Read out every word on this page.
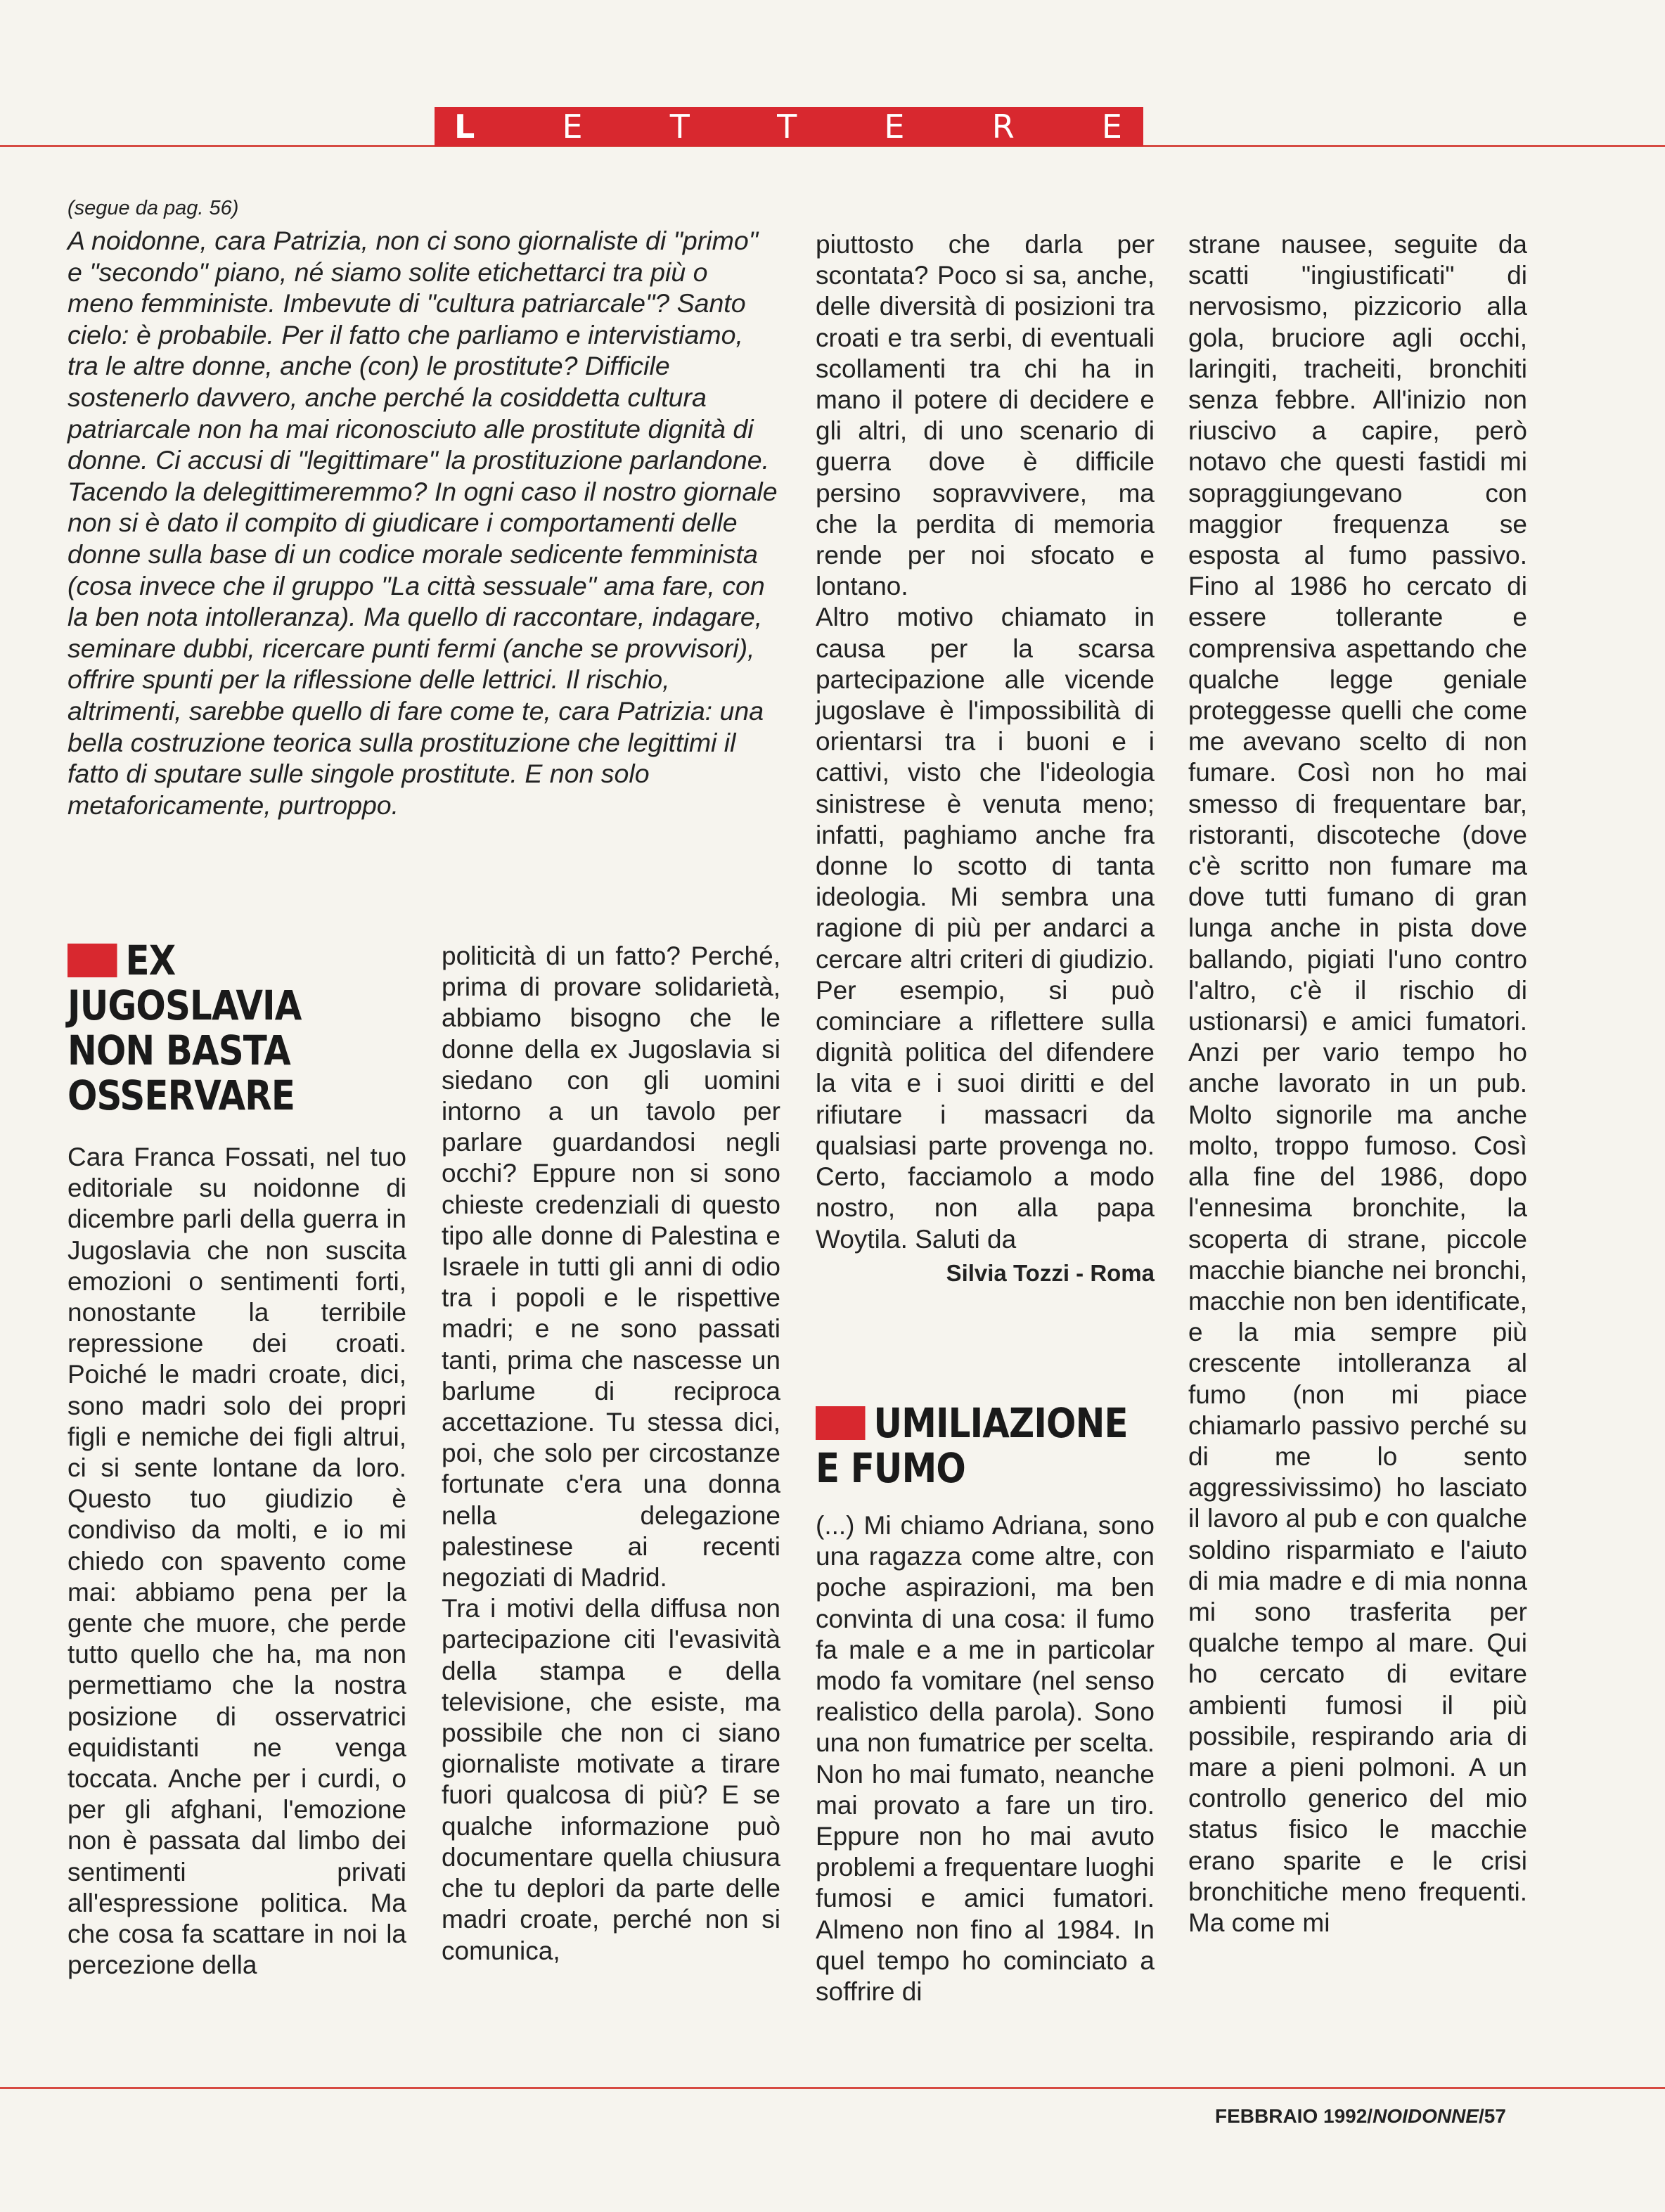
L	E	T	T	E	R	E

(segue da pag. 56)

A noidonne, cara Patrizia, non ci sono giornaliste di "primo" e "secondo" piano, né siamo solite etichettarci tra più o meno femministe. Imbevute di "cultura patriarcale"? Santo cielo: è probabile. Per il fatto che parliamo e intervistiamo, tra le altre donne, anche (con) le prostitute? Difficile sostenerlo davvero, anche perché la cosiddetta cultura patriarcale non ha mai riconosciuto alle prostitute dignità di donne. Ci accusi di "legittimare" la prostituzione parlandone. Tacendo la delegittimeremmo? In ogni caso il nostro giornale non si è dato il compito di giudicare i comportamenti delle donne sulla base di un codice morale sedicente femminista (cosa invece che il gruppo "La città sessuale" ama fare, con la ben nota intolleranza). Ma quello di raccontare, indagare, seminare dubbi, ricercare punti fermi (anche se provvisori), offrire spunti per la riflessione delle lettrici. Il rischio, altrimenti, sarebbe quello di fare come te, cara Patrizia: una bella costruzione teorica sulla prostituzione che legittimi il fatto di sputare sulle singole prostitute. E non solo metaforicamente, purtroppo.

EX
JUGOSLAVIA
NON BASTA
OSSERVARE

Cara Franca Fossati, nel tuo editoriale su noidonne di dicembre parli della guerra in Jugoslavia che non suscita emozioni o sentimenti forti, nonostante la terribile repressione dei croati. Poiché le madri croate, dici, sono madri solo dei propri figli e nemiche dei figli altrui, ci si sente lontane da loro. Questo tuo giudizio è condiviso da molti, e io mi chiedo con spavento come mai: abbiamo pena per la gente che muore, che perde tutto quello che ha, ma non permettiamo che la nostra posizione di osservatrici equidistanti ne venga toccata. Anche per i curdi, o per gli afghani, l'emozione non è passata dal limbo dei sentimenti privati all'espressione politica. Ma che cosa fa scattare in noi la percezione della

politicità di un fatto? Perché, prima di provare solidarietà, abbiamo bisogno che le donne della ex Jugoslavia si siedano con gli uomini intorno a un tavolo per parlare guardandosi negli occhi? Eppure non si sono chieste credenziali di questo tipo alle donne di Palestina e Israele in tutti gli anni di odio tra i popoli e le rispettive madri; e ne sono passati tanti, prima che nascesse un barlume di reciproca accettazione. Tu stessa dici, poi, che solo per circostanze fortunate c'era una donna nella delegazione palestinese ai recenti negoziati di Madrid.

Tra i motivi della diffusa non partecipazione citi l'evasività della stampa e della televisione, che esiste, ma possibile che non ci siano giornaliste motivate a tirare fuori qualcosa di più? E se qualche informazione può documentare quella chiusura che tu deplori da parte delle madri croate, perché non si comunica,

piuttosto che darla per scontata? Poco si sa, anche, delle diversità di posizioni tra croati e tra serbi, di eventuali scollamenti tra chi ha in mano il potere di decidere e gli altri, di uno scenario di guerra dove è difficile persino sopravvivere, ma che la perdita di memoria rende per noi sfocato e lontano.

Altro motivo chiamato in causa per la scarsa partecipazione alle vicende jugoslave è l'impossibilità di orientarsi tra i buoni e i cattivi, visto che l'ideologia sinistrese è venuta meno; infatti, paghiamo anche fra donne lo scotto di tanta ideologia. Mi sembra una ragione di più per andarci a cercare altri criteri di giudizio. Per esempio, si può cominciare a riflettere sulla dignità politica del difendere la vita e i suoi diritti e del rifiutare i massacri da qualsiasi parte provenga no. Certo, facciamolo a modo nostro, non alla papa Woytila. Saluti da

Silvia Tozzi - Roma
UMILIAZIONE
E FUMO

(...) Mi chiamo Adriana, sono una ragazza come altre, con poche aspirazioni, ma ben convinta di una cosa: il fumo fa male e a me in particolar modo fa vomitare (nel senso realistico della parola). Sono una non fumatrice per scelta. Non ho mai fumato, neanche mai provato a fare un tiro. Eppure non ho mai avuto problemi a frequentare luoghi fumosi e amici fumatori. Almeno non fino al 1984. In quel tempo ho cominciato a soffrire di

strane nausee, seguite da scatti "ingiustificati" di nervosismo, pizzicorio alla gola, bruciore agli occhi, laringiti, tracheiti, bronchiti senza febbre. All'inizio non riuscivo a capire, però notavo che questi fastidi mi sopraggiungevano con maggior frequenza se esposta al fumo passivo. Fino al 1986 ho cercato di essere tollerante e comprensiva aspettando che qualche legge geniale proteggesse quelli che come me avevano scelto di non fumare. Così non ho mai smesso di frequentare bar, ristoranti, discoteche (dove c'è scritto non fumare ma dove tutti fumano di gran lunga anche in pista dove ballando, pigiati l'uno contro l'altro, c'è il rischio di ustionarsi) e amici fumatori. Anzi per vario tempo ho anche lavorato in un pub. Molto signorile ma anche molto, troppo fumoso. Così alla fine del 1986, dopo l'ennesima bronchite, la scoperta di strane, piccole macchie bianche nei bronchi, macchie non ben identificate, e la mia sempre più crescente intolleranza al fumo (non mi piace chiamarlo passivo perché su di me lo sento aggressivissimo) ho lasciato il lavoro al pub e con qualche soldino risparmiato e l'aiuto di mia madre e di mia nonna mi sono trasferita per qualche tempo al mare. Qui ho cercato di evitare ambienti fumosi il più possibile, respirando aria di mare a pieni polmoni. A un controllo generico del mio status fisico le macchie erano sparite e le crisi bronchitiche meno frequenti. Ma come mi

FEBBRAIO 1992/NOIDONNE/57
